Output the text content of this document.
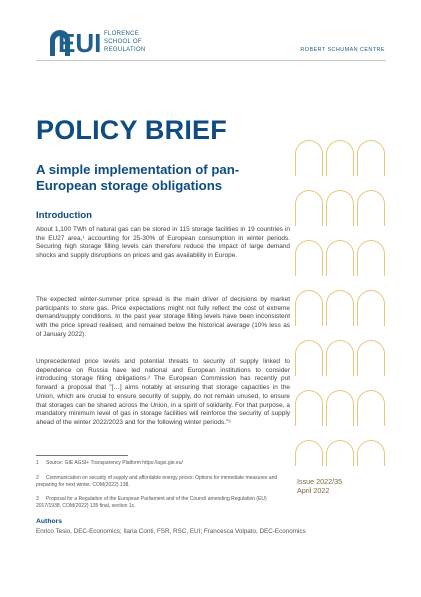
EUI FLORENCE
SCHOOL OF
REGULATION	ROBERT SCHUMAN CENTRE
POLICY BRIEF
A simple implementation of pan-European storage obligations
Introduction
About 1,100 TWh of natural gas can be stored in 115 storage facilities in 19 countries in the EU27 area,¹ accounting for 25-30% of European consumption in winter periods. Securing high storage filling levels can therefore reduce the impact of large demand shocks and supply disruptions on prices and gas availability in Europe.
The expected winter-summer price spread is the main driver of decisions by market participants to store gas. Price expectations might not fully reflect the cost of extreme demand/supply conditions. In the past year storage filling levels have been inconsistent with the price spread realised, and remained below the historical average (10% less as of January 2022).
Unprecedented price levels and potential threats to security of supply linked to dependence on Russia have led national and European institutions to consider introducing storage filling obligations.² The European Commission has recently put forward a proposal that "[…] aims notably at ensuring that storage capacities in the Union, which are crucial to ensure security of supply, do not remain unused, to ensure that storages can be shared across the Union, in a spirit of solidarity. For that purpose, a mandatory minimum level of gas in storage facilities will reinforce the security of supply ahead of the winter 2022/2023 and for the following winter periods."³
1 Source: GIE AGSI+ Transparency Platform https://agsi.gie.eu/
2 Communication on security of supply and affordable energy prices: Options for immediate measures and preparing for next winter. COM(2022) 138.
3 Proposal for a Regulation of the European Parliament and of the Council amending Regulation (EU) 2017/1938, COM(2022) 135 final, section 1c.
Issue 2022/35
April 2022
Authors
Enrico Tesio, DEC-Economics; Ilaria Conti, FSR, RSC, EUI; Francesca Volpato, DEC-Economics
